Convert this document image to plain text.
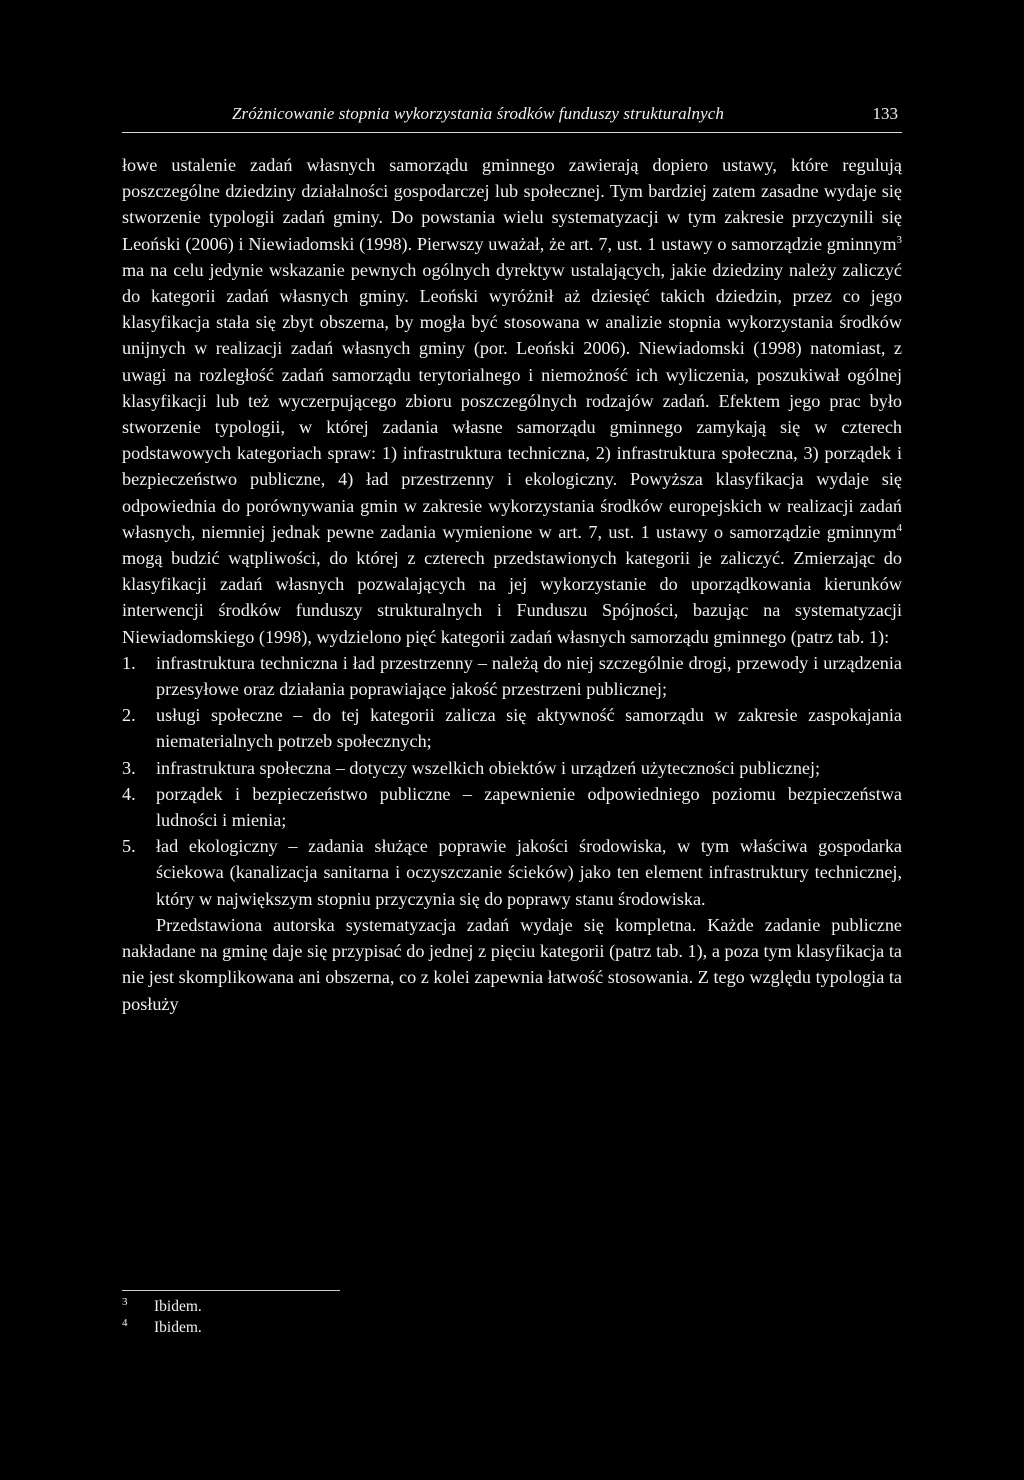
Zróżnicowanie stopnia wykorzystania środków funduszy strukturalnych	133

łowe ustalenie zadań własnych samorządu gminnego zawierają dopiero ustawy, które regulują poszczególne dziedziny działalności gospodarczej lub społecznej. Tym bardziej zatem zasadne wydaje się stworzenie typologii zadań gminy. Do powstania wielu systematyzacji w tym zakresie przyczynili się Leoński (2006) i Niewiadomski (1998). Pierwszy uważał, że art. 7, ust. 1 ustawy o samorządzie gminnym$^3$ ma na celu jedynie wskazanie pewnych ogólnych dyrektyw ustalających, jakie dziedziny należy zaliczyć do kategorii zadań własnych gminy. Leoński wyróżnił aż dziesięć takich dziedzin, przez co jego klasyfikacja stała się zbyt obszerna, by mogła być stosowana w analizie stopnia wykorzystania środków unijnych w realizacji zadań własnych gminy (por. Leoński 2006). Niewiadomski (1998) natomiast, z uwagi na rozległość zadań samorządu terytorialnego i niemożność ich wyliczenia, poszukiwał ogólnej klasyfikacji lub też wyczerpującego zbioru poszczególnych rodzajów zadań. Efektem jego prac było stworzenie typologii, w której zadania własne samorządu gminnego zamykają się w czterech podstawowych kategoriach spraw: 1) infrastruktura techniczna, 2) infrastruktura społeczna, 3) porządek i bezpieczeństwo publiczne, 4) ład przestrzenny i ekologiczny. Powyższa klasyfikacja wydaje się odpowiednia do porównywania gmin w zakresie wykorzystania środków europejskich w realizacji zadań własnych, niemniej jednak pewne zadania wymienione w art. 7, ust. 1 ustawy o samorządzie gminnym$^4$ mogą budzić wątpliwości, do której z czterech przedstawionych kategorii je zaliczyć. Zmierzając do klasyfikacji zadań własnych pozwalających na jej wykorzystanie do uporządkowania kierunków interwencji środków funduszy strukturalnych i Funduszu Spójności, bazując na systematyzacji Niewiadomskiego (1998), wydzielono pięć kategorii zadań własnych samorządu gminnego (patrz tab. 1):

1. infrastruktura techniczna i ład przestrzenny – należą do niej szczególnie drogi, przewody i urządzenia przesyłowe oraz działania poprawiające jakość przestrzeni publicznej;
2. usługi społeczne – do tej kategorii zalicza się aktywność samorządu w zakresie zaspokajania niematerialnych potrzeb społecznych;
3. infrastruktura społeczna – dotyczy wszelkich obiektów i urządzeń użyteczności publicznej;
4. porządek i bezpieczeństwo publiczne – zapewnienie odpowiedniego poziomu bezpieczeństwa ludności i mienia;
5. ład ekologiczny – zadania służące poprawie jakości środowiska, w tym właściwa gospodarka ściekowa (kanalizacja sanitarna i oczyszczanie ścieków) jako ten element infrastruktury technicznej, który w największym stopniu przyczynia się do poprawy stanu środowiska.

Przedstawiona autorska systematyzacja zadań wydaje się kompletna. Każde zadanie publiczne nakładane na gminę daje się przypisać do jednej z pięciu kategorii (patrz tab. 1), a poza tym klasyfikacja ta nie jest skomplikowana ani obszerna, co z kolei zapewnia łatwość stosowania. Z tego względu typologia ta posłuży

3 Ibidem.
4 Ibidem.
